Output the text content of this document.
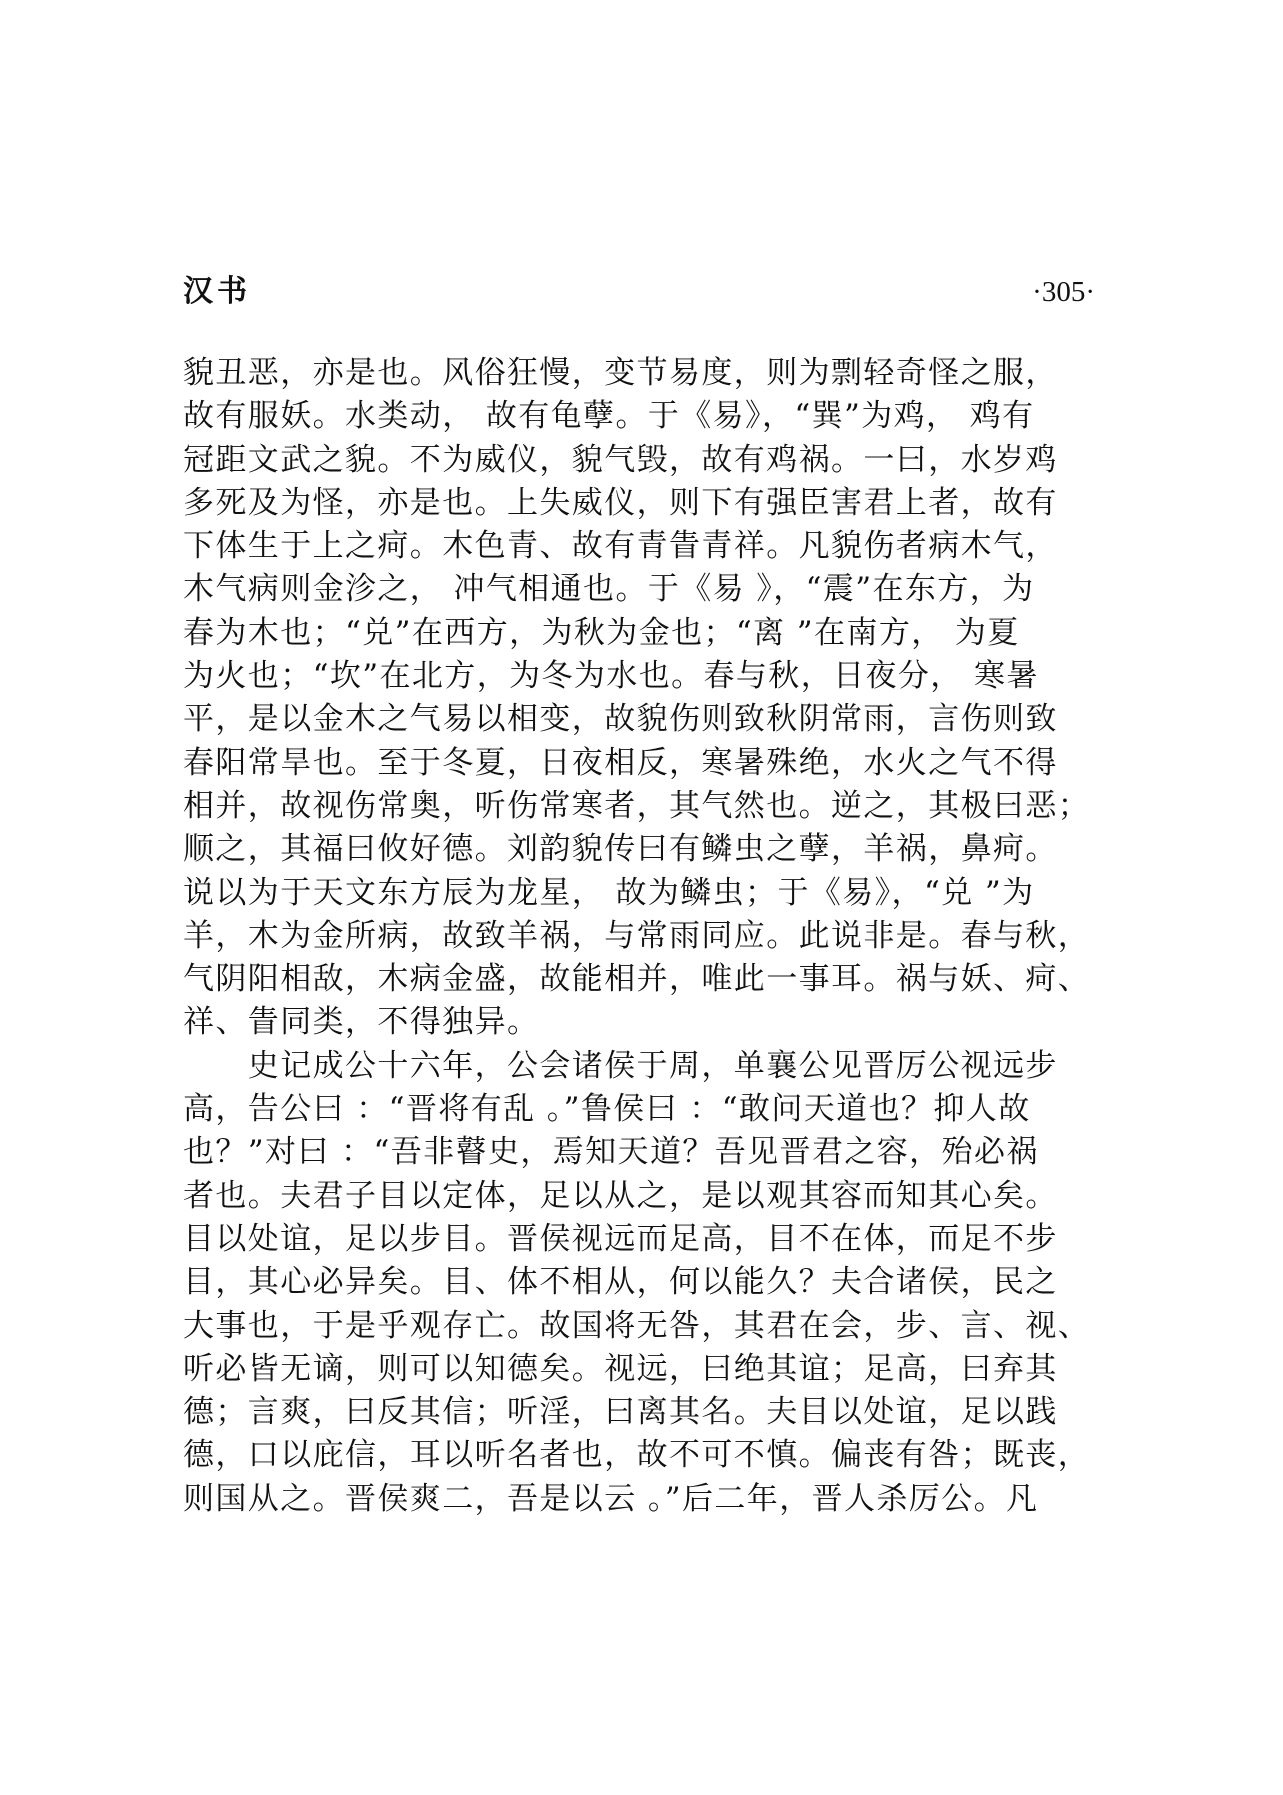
汉书	·305·
貌丑恶，亦是也。风俗狂慢，变节易度，则为剽轻奇怪之服，
故有服妖。水类动， 故有龟孽。于《易》，“巽”为鸡， 鸡有
冠距文武之貌。不为威仪，貌气毁，故有鸡祸。一曰，水岁鸡
多死及为怪，亦是也。上失威仪，则下有强臣害君上者，故有
下体生于上之疴。木色青、故有青眚青祥。凡貌伤者病木气，
木气病则金沴之， 冲气相通也。于《易 》，“震”在东方，为
春为木也；“兑”在西方，为秋为金也；“离 ”在南方， 为夏
为火也；“坎”在北方，为冬为水也。春与秋，日夜分， 寒暑
平，是以金木之气易以相变，故貌伤则致秋阴常雨，言伤则致
春阳常旱也。至于冬夏，日夜相反，寒暑殊绝，水火之气不得
相并，故视伤常奥，听伤常寒者，其气然也。逆之，其极曰恶；
顺之，其福曰攸好德。刘韵貌传曰有鳞虫之孽，羊祸，鼻疴。
说以为于天文东方辰为龙星， 故为鳞虫；于《易》，“兑 ”为
羊，木为金所病，故致羊祸，与常雨同应。此说非是。春与秋，
气阴阳相敌，木病金盛，故能相并，唯此一事耳。祸与妖、疴、
祥、眚同类，不得独异。
　　史记成公十六年，公会诸侯于周，单襄公见晋厉公视远步
高，告公曰 ：“晋将有乱 。”鲁侯曰 ：“敢问天道也？抑人故
也？”对曰 ：“吾非瞽史，焉知天道？吾见晋君之容，殆必祸
者也。夫君子目以定体，足以从之，是以观其容而知其心矣。
目以处谊，足以步目。晋侯视远而足高，目不在体，而足不步
目，其心必异矣。目、体不相从，何以能久？夫合诸侯，民之
大事也，于是乎观存亡。故国将无咎，其君在会，步、言、视、
听必皆无谪，则可以知德矣。视远，曰绝其谊；足高，曰弃其
德；言爽，曰反其信；听淫，曰离其名。夫目以处谊，足以践
德，口以庇信，耳以听名者也，故不可不慎。偏丧有咎；既丧，
则国从之。晋侯爽二，吾是以云 。”后二年，晋人杀厉公。凡
